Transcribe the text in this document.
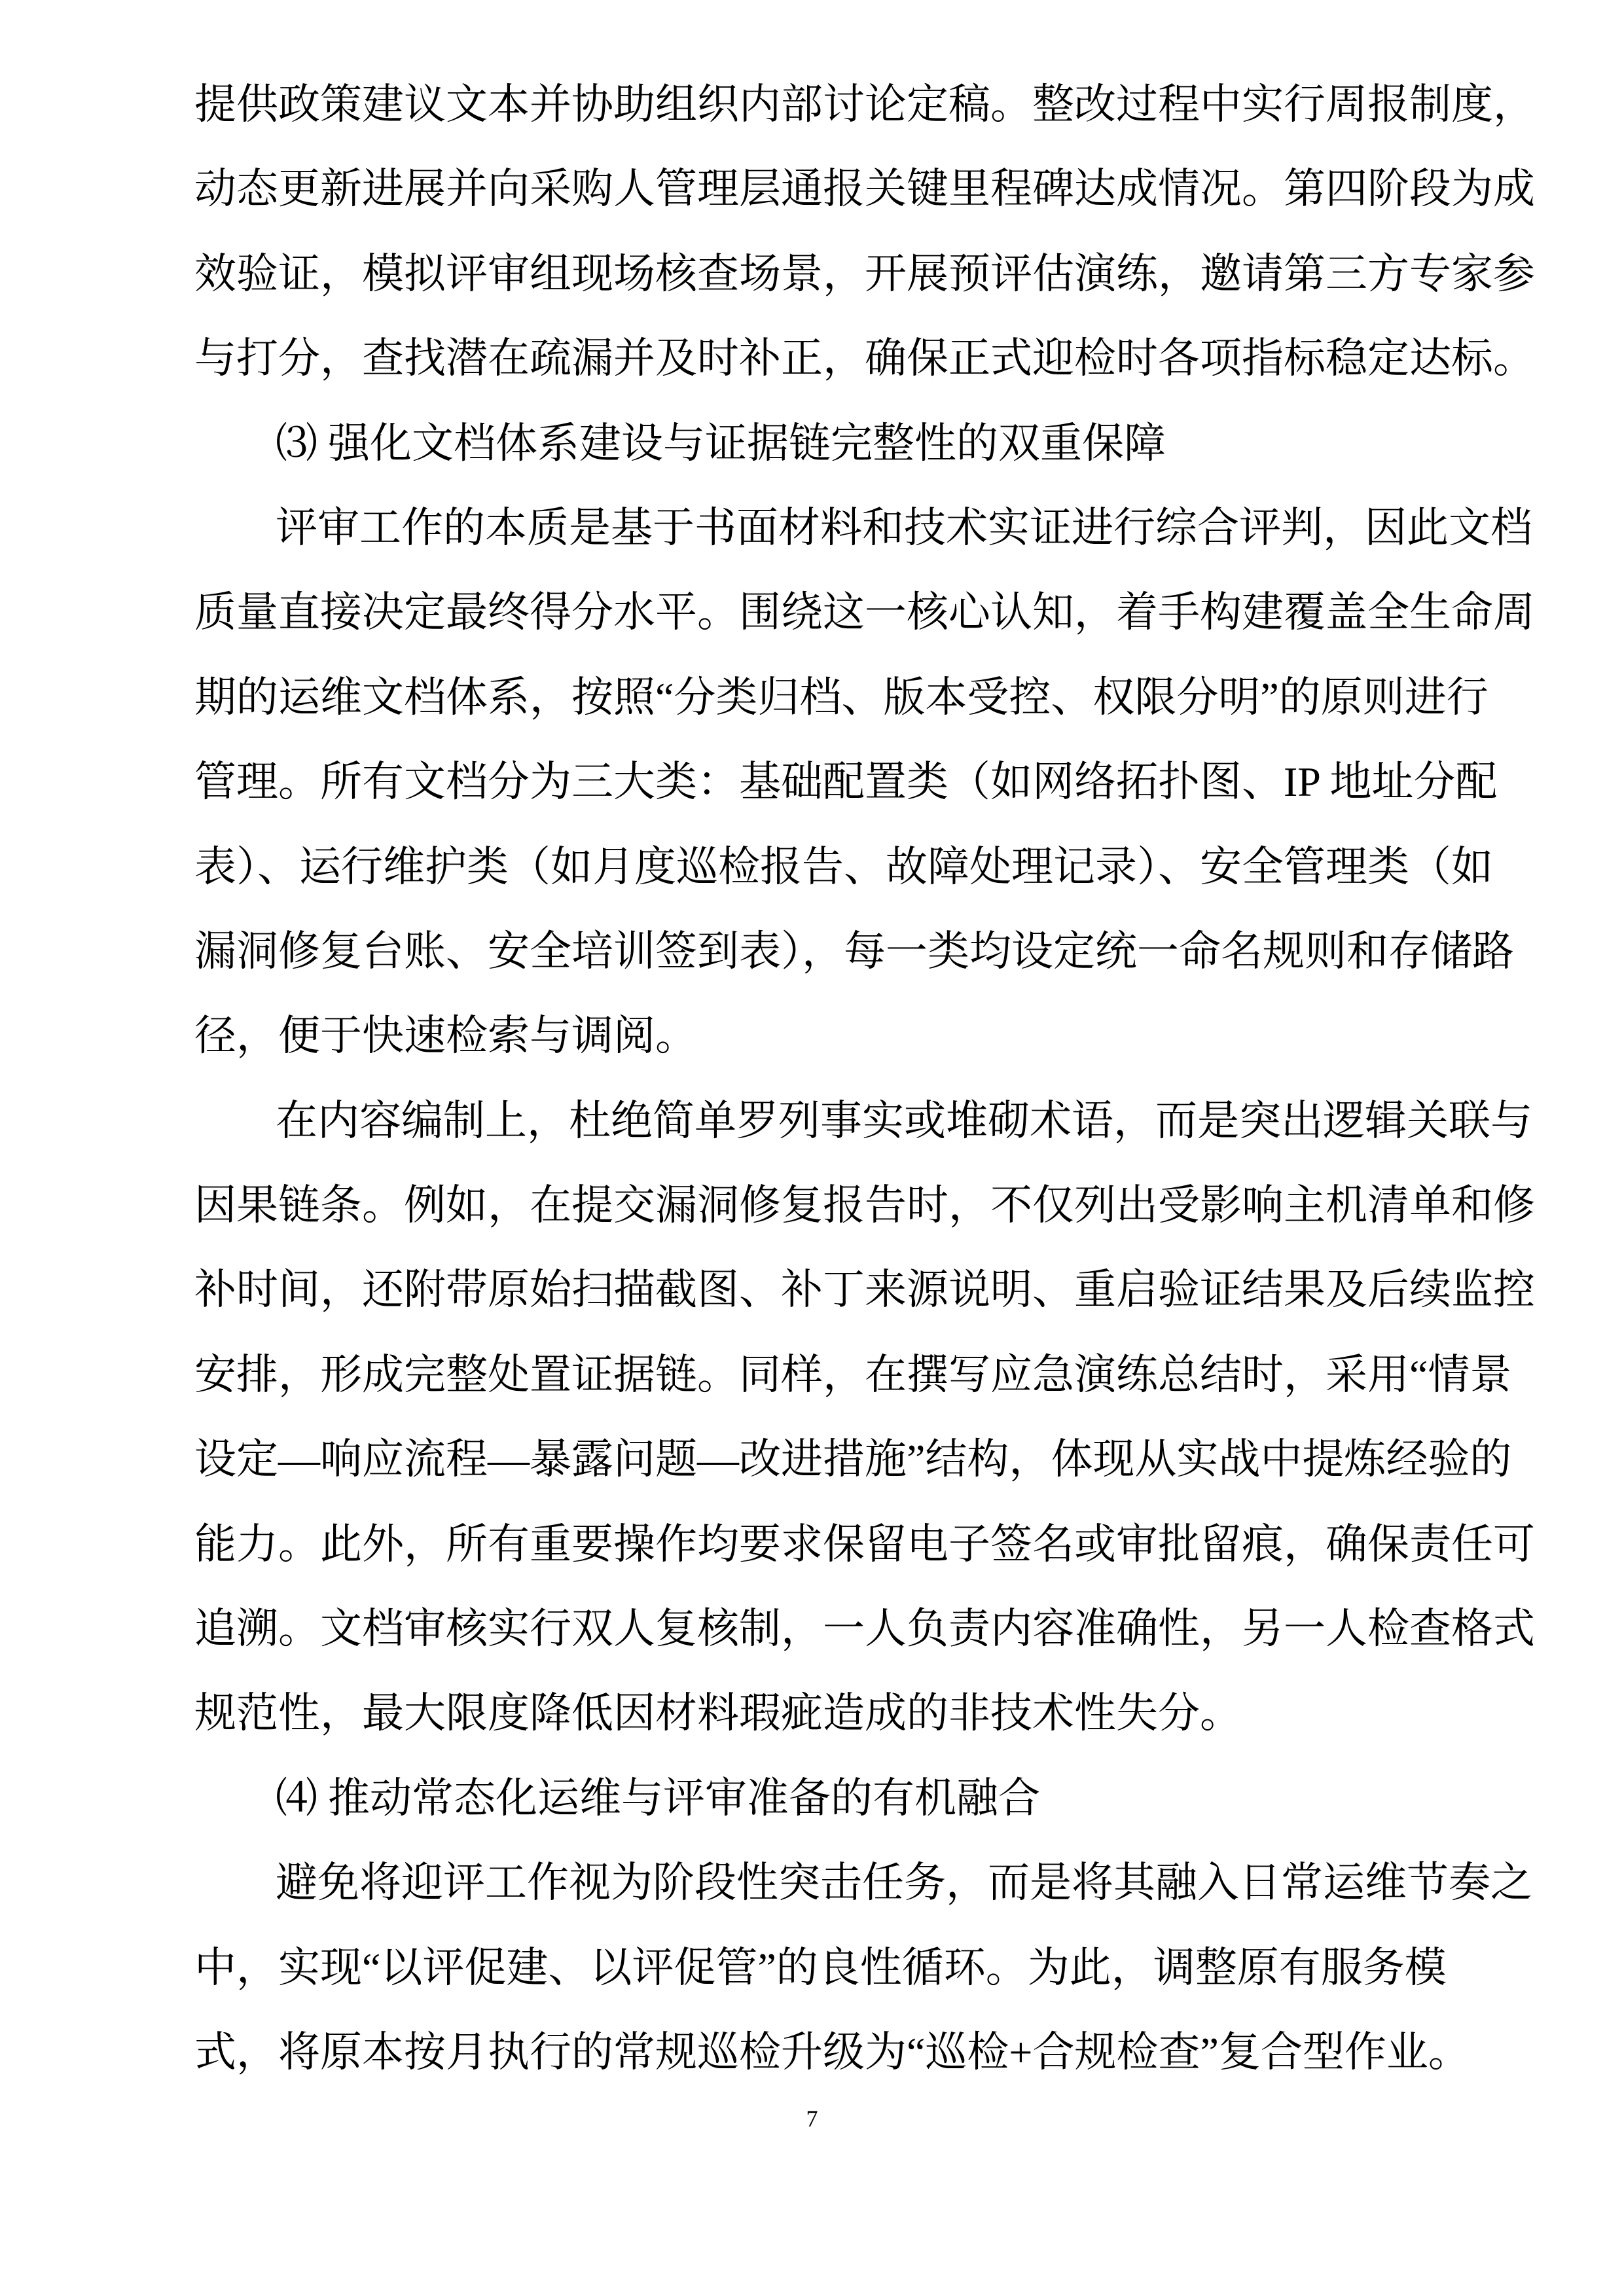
提供政策建议文本并协助组织内部讨论定稿。整改过程中实行周报制度，
动态更新进展并向采购人管理层通报关键里程碑达成情况。第四阶段为成
效验证，模拟评审组现场核查场景，开展预评估演练，邀请第三方专家参
与打分，查找潜在疏漏并及时补正，确保正式迎检时各项指标稳定达标。
⑶ 强化文档体系建设与证据链完整性的双重保障
评审工作的本质是基于书面材料和技术实证进行综合评判，因此文档
质量直接决定最终得分水平。围绕这一核心认知，着手构建覆盖全生命周
期的运维文档体系，按照“分类归档、版本受控、权限分明”的原则进行
管理。所有文档分为三大类：基础配置类（如网络拓扑图、IP 地址分配
表）、运行维护类（如月度巡检报告、故障处理记录）、安全管理类（如
漏洞修复台账、安全培训签到表），每一类均设定统一命名规则和存储路
径，便于快速检索与调阅。
在内容编制上，杜绝简单罗列事实或堆砌术语，而是突出逻辑关联与
因果链条。例如，在提交漏洞修复报告时，不仅列出受影响主机清单和修
补时间，还附带原始扫描截图、补丁来源说明、重启验证结果及后续监控
安排，形成完整处置证据链。同样，在撰写应急演练总结时，采用“情景
设定—响应流程—暴露问题—改进措施”结构，体现从实战中提炼经验的
能力。此外，所有重要操作均要求保留电子签名或审批留痕，确保责任可
追溯。文档审核实行双人复核制，一人负责内容准确性，另一人检查格式
规范性，最大限度降低因材料瑕疵造成的非技术性失分。
⑷ 推动常态化运维与评审准备的有机融合
避免将迎评工作视为阶段性突击任务，而是将其融入日常运维节奏之
中，实现“以评促建、以评促管”的良性循环。为此，调整原有服务模
式，将原本按月执行的常规巡检升级为“巡检+合规检查”复合型作业。
7
